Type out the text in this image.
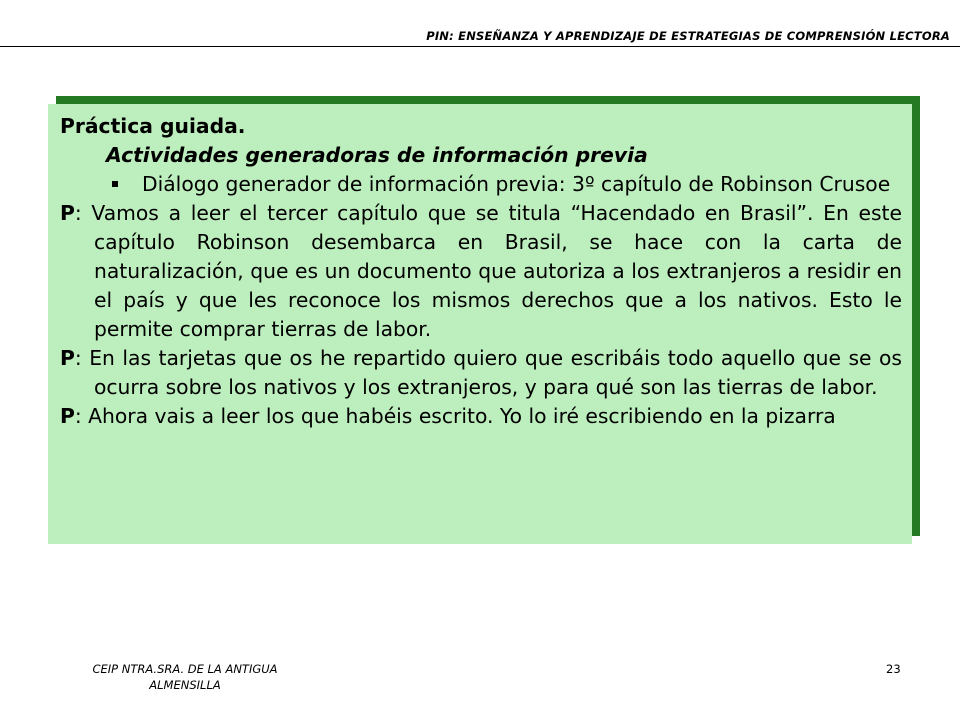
PIN: ENSEÑANZA Y APRENDIZAJE DE ESTRATEGIAS DE COMPRENSIÓN LECTORA

Práctica guiada.

Actividades generadoras de información previa

Diálogo generador de información previa: 3º capítulo de Robinson Crusoe

P: Vamos a leer el tercer capítulo que se titula “Hacendado en Brasil”. En este capítulo Robinson desembarca en Brasil, se hace con la carta de naturalización, que es un documento que autoriza a los extranjeros a residir en el país y que les reconoce los mismos derechos que a los nativos. Esto le permite comprar tierras de labor.

P: En las tarjetas que os he repartido quiero que escribáis todo aquello que se os ocurra sobre los nativos y los extranjeros, y para qué son las tierras de labor.

P: Ahora vais a leer los que habéis escrito. Yo lo iré escribiendo en la pizarra

CEIP NTRA.SRA. DE LA ANTIGUA
ALMENSILLA
23
